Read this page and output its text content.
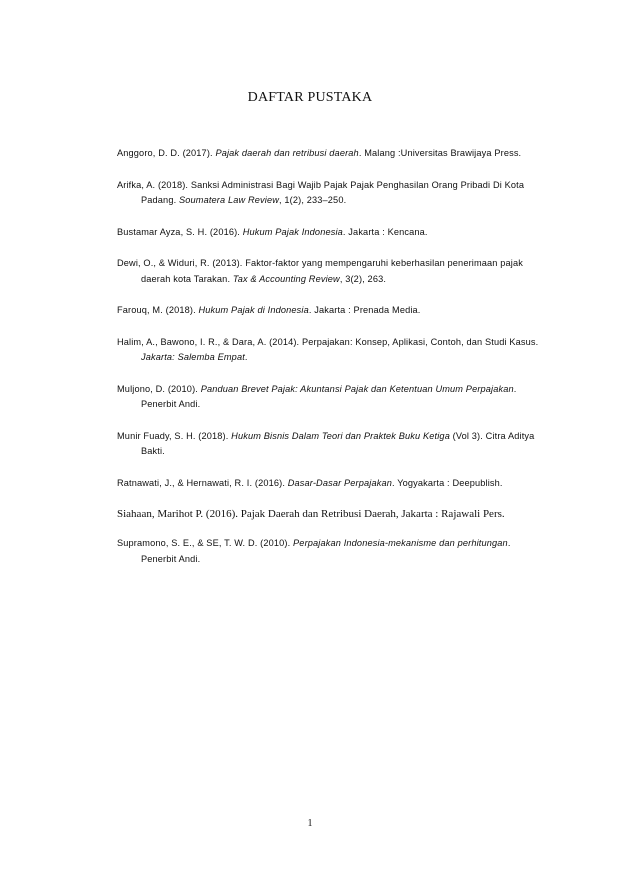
DAFTAR PUSTAKA

Anggoro, D. D. (2017). Pajak daerah dan retribusi daerah. Malang :Universitas Brawijaya Press.

Arifka, A. (2018). Sanksi Administrasi Bagi Wajib Pajak Pajak Penghasilan Orang Pribadi Di Kota Padang. Soumatera Law Review, 1(2), 233–250.

Bustamar Ayza, S. H. (2016). Hukum Pajak Indonesia. Jakarta : Kencana.

Dewi, O., & Widuri, R. (2013). Faktor-faktor yang mempengaruhi keberhasilan penerimaan pajak daerah kota Tarakan. Tax & Accounting Review, 3(2), 263.

Farouq, M. (2018). Hukum Pajak di Indonesia. Jakarta : Prenada Media.

Halim, A., Bawono, I. R., & Dara, A. (2014). Perpajakan: Konsep, Aplikasi, Contoh, dan Studi Kasus. Jakarta: Salemba Empat.

Muljono, D. (2010). Panduan Brevet Pajak: Akuntansi Pajak dan Ketentuan Umum Perpajakan. Penerbit Andi.

Munir Fuady, S. H. (2018). Hukum Bisnis Dalam Teori dan Praktek Buku Ketiga (Vol 3). Citra Aditya Bakti.

Ratnawati, J., & Hernawati, R. I. (2016). Dasar-Dasar Perpajakan. Yogyakarta : Deepublish.

Siahaan, Marihot P. (2016). Pajak Daerah dan Retribusi Daerah, Jakarta : Rajawali Pers.

Supramono, S. E., & SE, T. W. D. (2010). Perpajakan Indonesia-mekanisme dan perhitungan. Penerbit Andi.

1
